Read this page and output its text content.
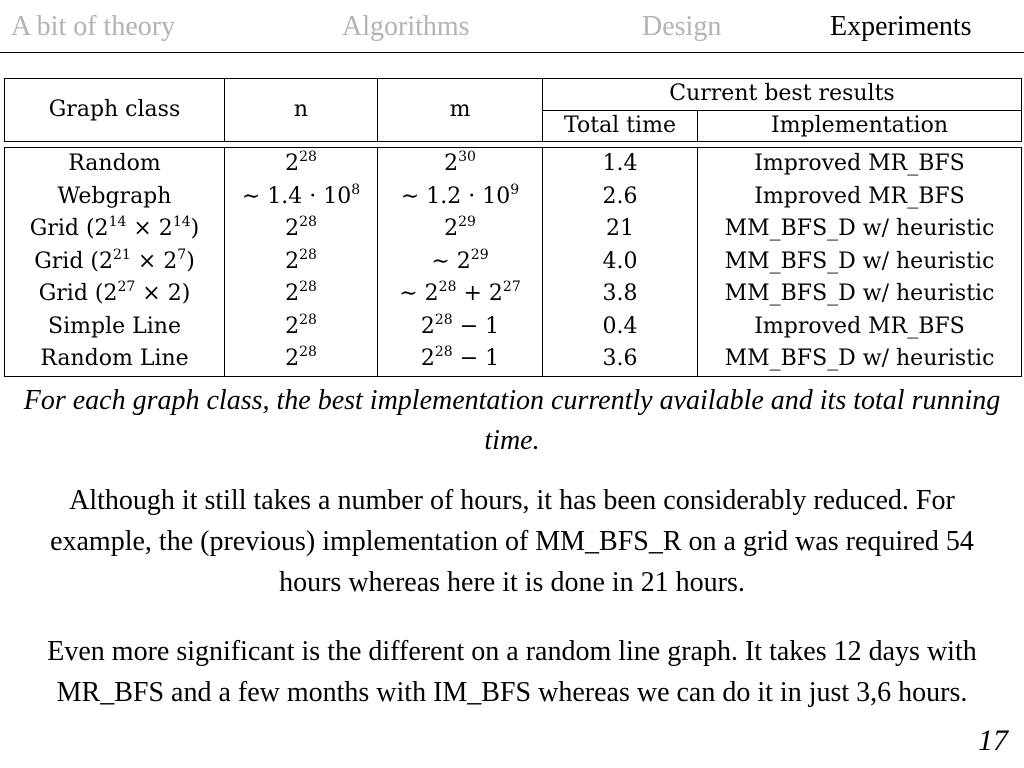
A bit of theory	Algorithms	Design	Experiments
Graph class	n	m	Current best results	
			Total time	Implementation
Random	$2^{28}$	$2^{30}$	1.4	Improved MR_BFS
Webgraph	∼ $1.4 \cdot 10^8$	∼ $1.2 \cdot 10^9$	2.6	Improved MR_BFS
Grid $(2^{14} \times 2^{14})$	$2^{28}$	$2^{29}$	21	MM_BFS_D w/ heuristic
Grid $(2^{21} \times 2^7)$	$2^{28}$	∼ $2^{29}$	4.0	MM_BFS_D w/ heuristic
Grid $(2^{27} \times 2)$	$2^{28}$	∼ $2^{28} + 2^{27}$	3.8	MM_BFS_D w/ heuristic
Simple Line	$2^{28}$	$2^{28} - 1$	0.4	Improved MR_BFS
Random Line	$2^{28}$	$2^{28} - 1$	3.6	MM_BFS_D w/ heuristic
For each graph class, the best implementation currently available and its total running time.
Although it still takes a number of hours, it has been considerably reduced. For example, the (previous) implementation of MM_BFS_R on a grid was required 54 hours whereas here it is done in 21 hours.
Even more significant is the different on a random line graph. It takes 12 days with MR_BFS and a few months with IM_BFS whereas we can do it in just 3,6 hours.
17
